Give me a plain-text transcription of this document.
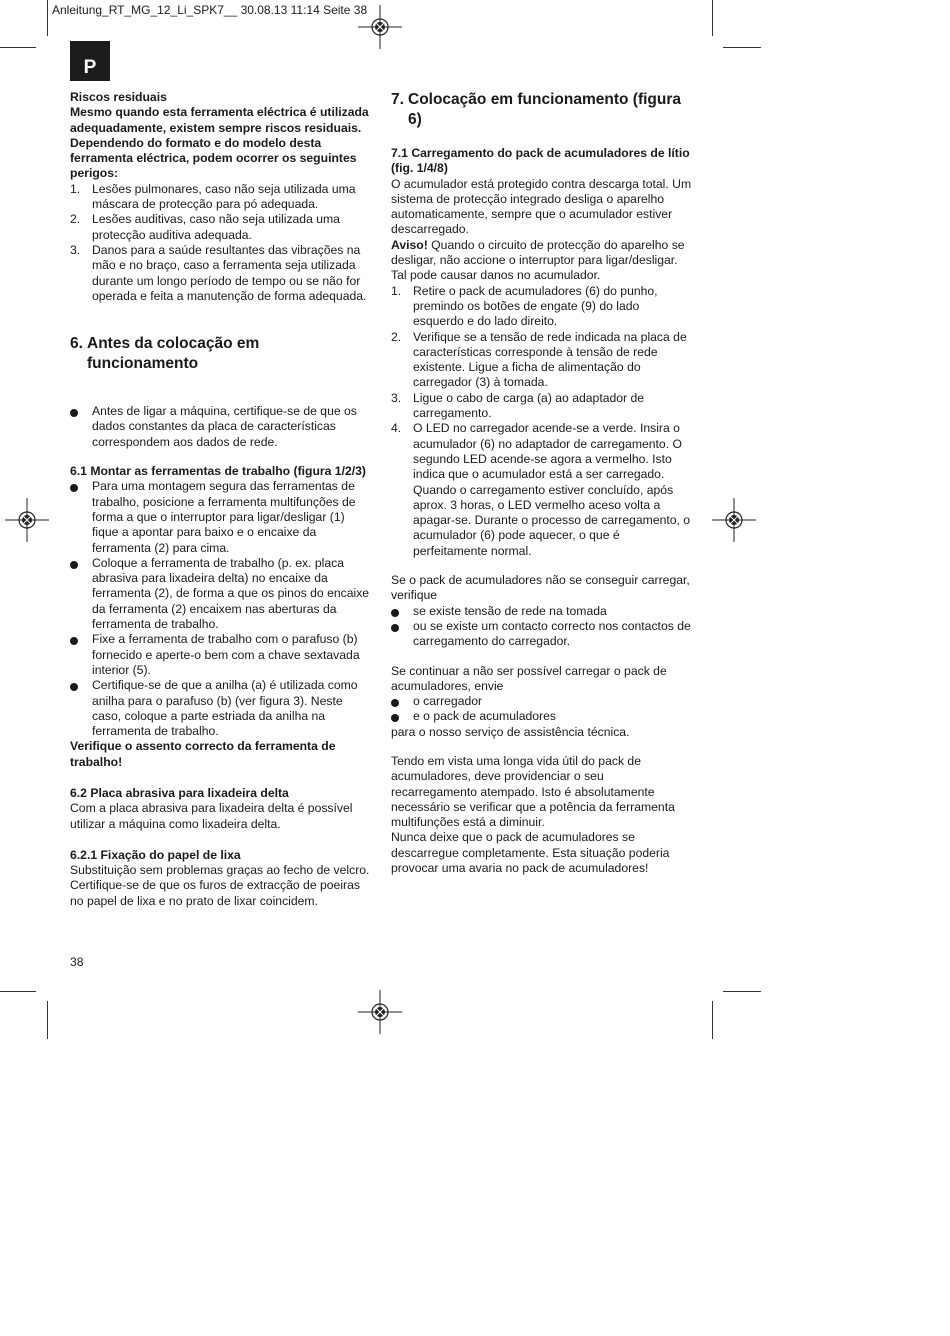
Anleitung_RT_MG_12_Li_SPK7__ 30.08.13 11:14 Seite 38
P

Riscos residuais

Mesmo quando esta ferramenta eléctrica é utilizada adequadamente, existem sempre riscos residuais. Dependendo do formato e do modelo desta ferramenta eléctrica, podem ocorrer os seguintes perigos:

1. Lesões pulmonares, caso não seja utilizada uma máscara de protecção para pó adequada.
2. Lesões auditivas, caso não seja utilizada uma protecção auditiva adequada.
3. Danos para a saúde resultantes das vibrações na mão e no braço, caso a ferramenta seja utilizada durante um longo período de tempo ou se não for operada e feita a manutenção de forma adequada.
6. Antes da colocação em funcionamento
Antes de ligar a máquina, certifique-se de que os dados constantes da placa de características correspondem aos dados de rede.

6.1 Montar as ferramentas de trabalho (figura 1/2/3)

Para uma montagem segura das ferramentas de trabalho, posicione a ferramenta multifunções de forma a que o interruptor para ligar/desligar (1) fique a apontar para baixo e o encaixe da ferramenta (2) para cima.
Coloque a ferramenta de trabalho (p. ex. placa abrasiva para lixadeira delta) no encaixe da ferramenta (2), de forma a que os pinos do encaixe da ferramenta (2) encaixem nas aberturas da ferramenta de trabalho.
Fixe a ferramenta de trabalho com o parafuso (b) fornecido e aperte-o bem com a chave sextavada interior (5).
Certifique-se de que a anilha (a) é utilizada como anilha para o parafuso (b) (ver figura 3). Neste caso, coloque a parte estriada da anilha na ferramenta de trabalho.

Verifique o assento correcto da ferramenta de trabalho!

6.2 Placa abrasiva para lixadeira delta

Com a placa abrasiva para lixadeira delta é possível utilizar a máquina como lixadeira delta.

6.2.1 Fixação do papel de lixa

Substituição sem problemas graças ao fecho de velcro.

Certifique-se de que os furos de extracção de poeiras no papel de lixa e no prato de lixar coincidem.

7. Colocação em funcionamento (figura 6)

7.1 Carregamento do pack de acumuladores de lítio (fig. 1/4/8)

O acumulador está protegido contra descarga total. Um sistema de protecção integrado desliga o aparelho automaticamente, sempre que o acumulador estiver descarregado.

Aviso! Quando o circuito de protecção do aparelho se desligar, não accione o interruptor para ligar/desligar. Tal pode causar danos no acumulador.

1. Retire o pack de acumuladores (6) do punho, premindo os botões de engate (9) do lado esquerdo e do lado direito.
2. Verifique se a tensão de rede indicada na placa de características corresponde à tensão de rede existente. Ligue a ficha de alimentação do carregador (3) à tomada.
3. Ligue o cabo de carga (a) ao adaptador de carregamento.
4. O LED no carregador acende-se a verde. Insira o acumulador (6) no adaptador de carregamento. O segundo LED acende-se agora a vermelho. Isto indica que o acumulador está a ser carregado. Quando o carregamento estiver concluído, após aprox. 3 horas, o LED vermelho aceso volta a apagar-se. Durante o processo de carregamento, o acumulador (6) pode aquecer, o que é perfeitamente normal.

Se o pack de acumuladores não se conseguir carregar, verifique

se existe tensão de rede na tomada
ou se existe um contacto correcto nos contactos de carregamento do carregador.

Se continuar a não ser possível carregar o pack de acumuladores, envie

o carregador
e o pack de acumuladores

para o nosso serviço de assistência técnica.

Tendo em vista uma longa vida útil do pack de acumuladores, deve providenciar o seu recarregamento atempado. Isto é absolutamente necessário se verificar que a potência da ferramenta multifunções está a diminuir.

Nunca deixe que o pack de acumuladores se descarregue completamente. Esta situação poderia provocar uma avaria no pack de acumuladores!

38
